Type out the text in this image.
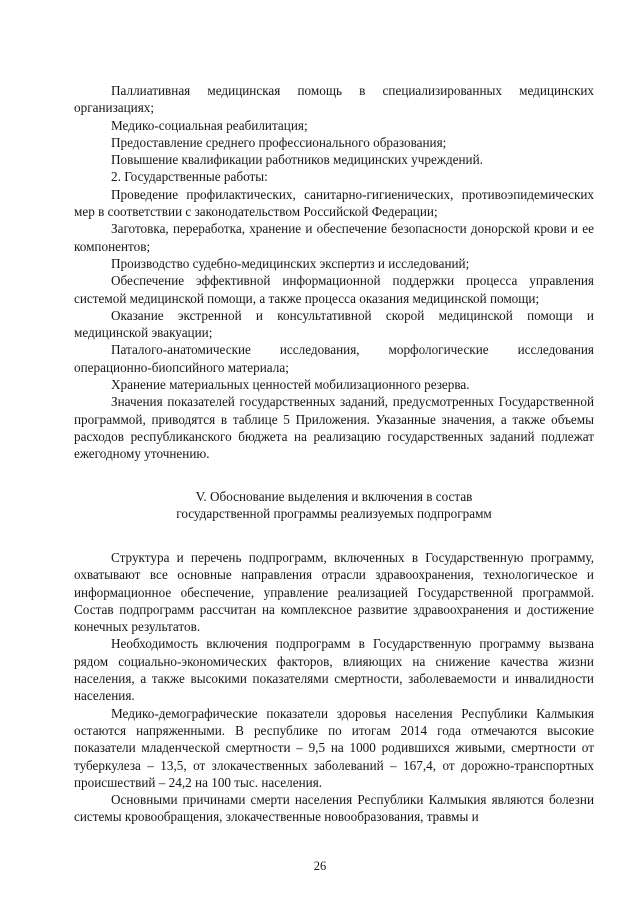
Паллиативная медицинская помощь в специализированных медицинских организациях;

Медико-социальная реабилитация;

Предоставление среднего профессионального образования;

Повышение квалификации работников медицинских учреждений.

2. Государственные работы:

Проведение профилактических, санитарно-гигиенических, противоэпидемических мер в соответствии с законодательством Российской Федерации;

Заготовка, переработка, хранение и обеспечение безопасности донорской крови и ее компонентов;

Производство судебно-медицинских экспертиз и исследований;

Обеспечение эффективной информационной поддержки процесса управления системой медицинской помощи, а также процесса оказания медицинской помощи;

Оказание экстренной и консультативной скорой медицинской помощи и медицинской эвакуации;

Паталого-анатомические исследования, морфологические исследования операционно-биопсийного материала;

Хранение материальных ценностей мобилизационного резерва.

Значения показателей государственных заданий, предусмотренных Государственной программой, приводятся в таблице 5 Приложения. Указанные значения, а также объемы расходов республиканского бюджета на реализацию государственных заданий подлежат ежегодному уточнению.

V. Обоснование выделения и включения в состав
государственной программы реализуемых подпрограмм

Структура и перечень подпрограмм, включенных в Государственную программу, охватывают все основные направления отрасли здравоохранения, технологическое и информационное обеспечение, управление реализацией Государственной программой. Состав подпрограмм рассчитан на комплексное развитие здравоохранения и достижение конечных результатов.

Необходимость включения подпрограмм в Государственную программу вызвана рядом социально-экономических факторов, влияющих на снижение качества жизни населения, а также высокими показателями смертности, заболеваемости и инвалидности населения.

Медико-демографические показатели здоровья населения Республики Калмыкия остаются напряженными. В республике по итогам 2014 года отмечаются высокие показатели младенческой смертности – 9,5 на 1000 родившихся живыми, смертности от туберкулеза – 13,5, от злокачественных заболеваний – 167,4, от дорожно-транспортных происшествий – 24,2 на 100 тыс. населения.

Основными причинами смерти населения Республики Калмыкия являются болезни системы кровообращения, злокачественные новообразования, травмы и

26
